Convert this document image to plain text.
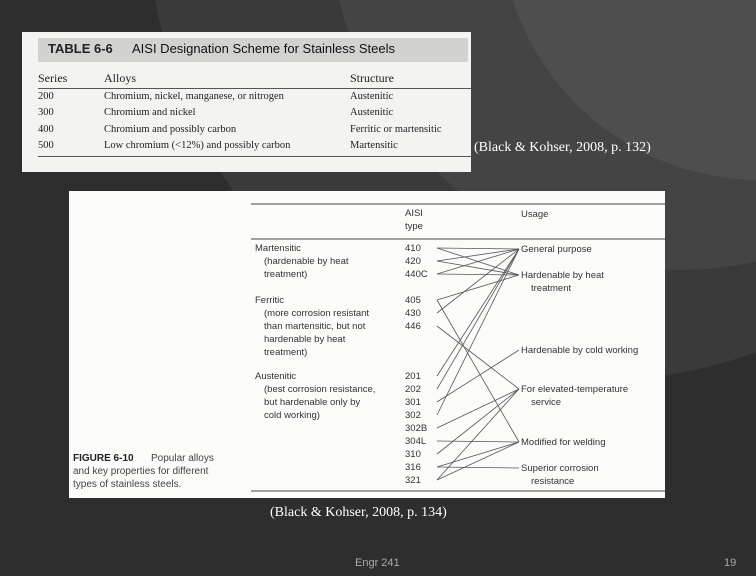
TABLE 6-6 AISI Designation Scheme for Stainless Steels
Series	Alloys	Structure
200	Chromium, nickel, manganese, or nitrogen	Austenitic
300	Chromium and nickel	Austenitic
400	Chromium and possibly carbon	Ferritic or martensitic
500	Low chromium (<12%) and possibly carbon	Martensitic	(Black & Kohser, 2008, p. 132)
AISI
type
Usage
Martensitic
(hardenable by heat
treatment)
Ferritic
(more corrosion resistant
than martensitic, but not
hardenable by heat
treatment)
Austenitic
(best corrosion resistance,
but hardenable only by
cold working)
410
420
440C
405
430
446
201
202
301
302
302B
304L
310
316
321
General purpose
Hardenable by heat
treatment
Hardenable by cold working
For elevated-temperature
service
Modified for welding
Superior corrosion
resistance
FIGURE 6-10 Popular alloys
and key properties for different
types of stainless steels.
(Black & Kohser, 2008, p. 134)
Engr 241	19
